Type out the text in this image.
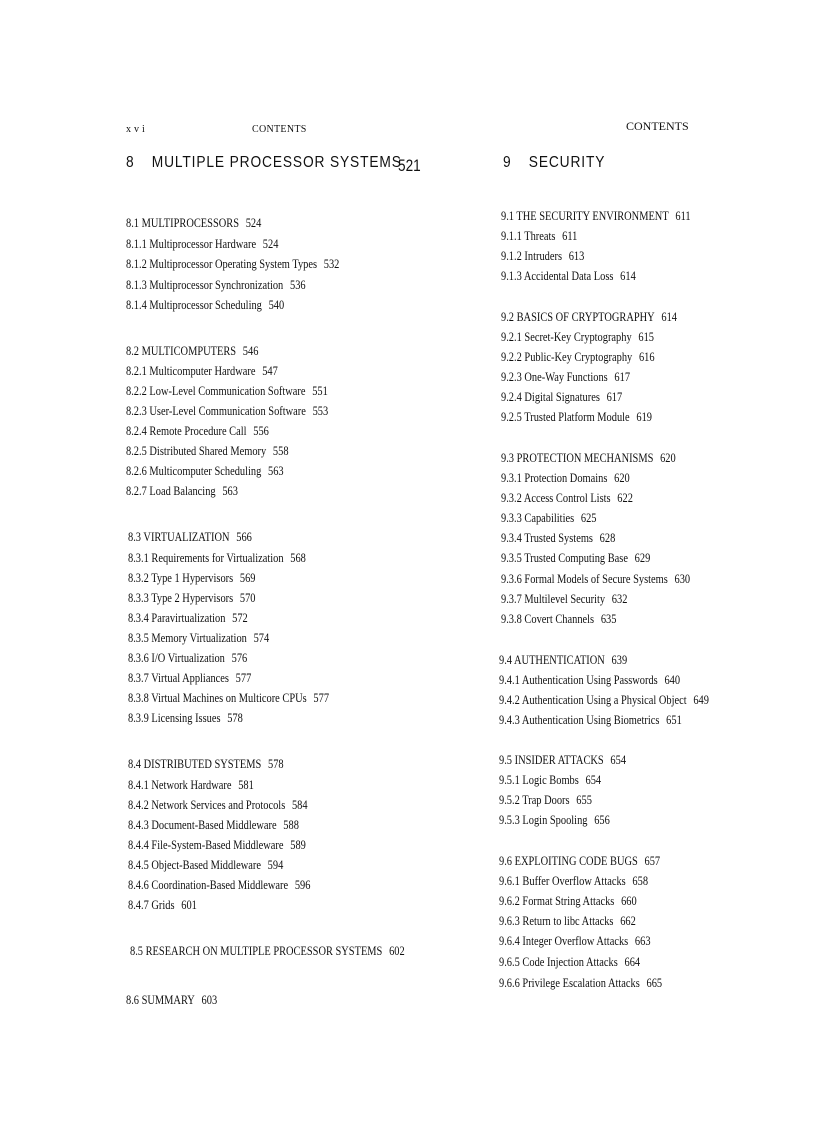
xvi	CONTENTS	CONTENTS
8 MULTIPLE PROCESSOR SYSTEMS
521	9 SECURITY
8.1 MULTIPROCESSORS 524
8.1.1 Multiprocessor Hardware 524
8.1.2 Multiprocessor Operating System Types 532
8.1.3 Multiprocessor Synchronization 536
8.1.4 Multiprocessor Scheduling 540
8.2 MULTICOMPUTERS 546
8.2.1 Multicomputer Hardware 547
8.2.2 Low-Level Communication Software 551
8.2.3 User-Level Communication Software 553
8.2.4 Remote Procedure Call 556
8.2.5 Distributed Shared Memory 558
8.2.6 Multicomputer Scheduling 563
8.2.7 Load Balancing 563
8.3 VIRTUALIZATION 566
8.3.1 Requirements for Virtualization 568
8.3.2 Type 1 Hypervisors 569
8.3.3 Type 2 Hypervisors 570
8.3.4 Paravirtualization 572
8.3.5 Memory Virtualization 574
8.3.6 I/O Virtualization 576
8.3.7 Virtual Appliances 577
8.3.8 Virtual Machines on Multicore CPUs 577
8.3.9 Licensing Issues 578
8.4 DISTRIBUTED SYSTEMS 578
8.4.1 Network Hardware 581
8.4.2 Network Services and Protocols 584
8.4.3 Document-Based Middleware 588
8.4.4 File-System-Based Middleware 589
8.4.5 Object-Based Middleware 594
8.4.6 Coordination-Based Middleware 596
8.4.7 Grids 601
8.5 RESEARCH ON MULTIPLE PROCESSOR SYSTEMS 602
8.6 SUMMARY 603
9.1 THE SECURITY ENVIRONMENT 611
9.1.1 Threats 611
9.1.2 Intruders 613
9.1.3 Accidental Data Loss 614
9.2 BASICS OF CRYPTOGRAPHY 614
9.2.1 Secret-Key Cryptography 615
9.2.2 Public-Key Cryptography 616
9.2.3 One-Way Functions 617
9.2.4 Digital Signatures 617
9.2.5 Trusted Platform Module 619
9.3 PROTECTION MECHANISMS 620
9.3.1 Protection Domains 620
9.3.2 Access Control Lists 622
9.3.3 Capabilities 625
9.3.4 Trusted Systems 628
9.3.5 Trusted Computing Base 629
9.3.6 Formal Models of Secure Systems 630
9.3.7 Multilevel Security 632
9.3.8 Covert Channels 635
9.4 AUTHENTICATION 639
9.4.1 Authentication Using Passwords 640
9.4.2 Authentication Using a Physical Object 649
9.4.3 Authentication Using Biometrics 651
9.5 INSIDER ATTACKS 654
9.5.1 Logic Bombs 654
9.5.2 Trap Doors 655
9.5.3 Login Spooling 656
9.6 EXPLOITING CODE BUGS 657
9.6.1 Buffer Overflow Attacks 658
9.6.2 Format String Attacks 660
9.6.3 Return to libc Attacks 662
9.6.4 Integer Overflow Attacks 663
9.6.5 Code Injection Attacks 664
9.6.6 Privilege Escalation Attacks 665
